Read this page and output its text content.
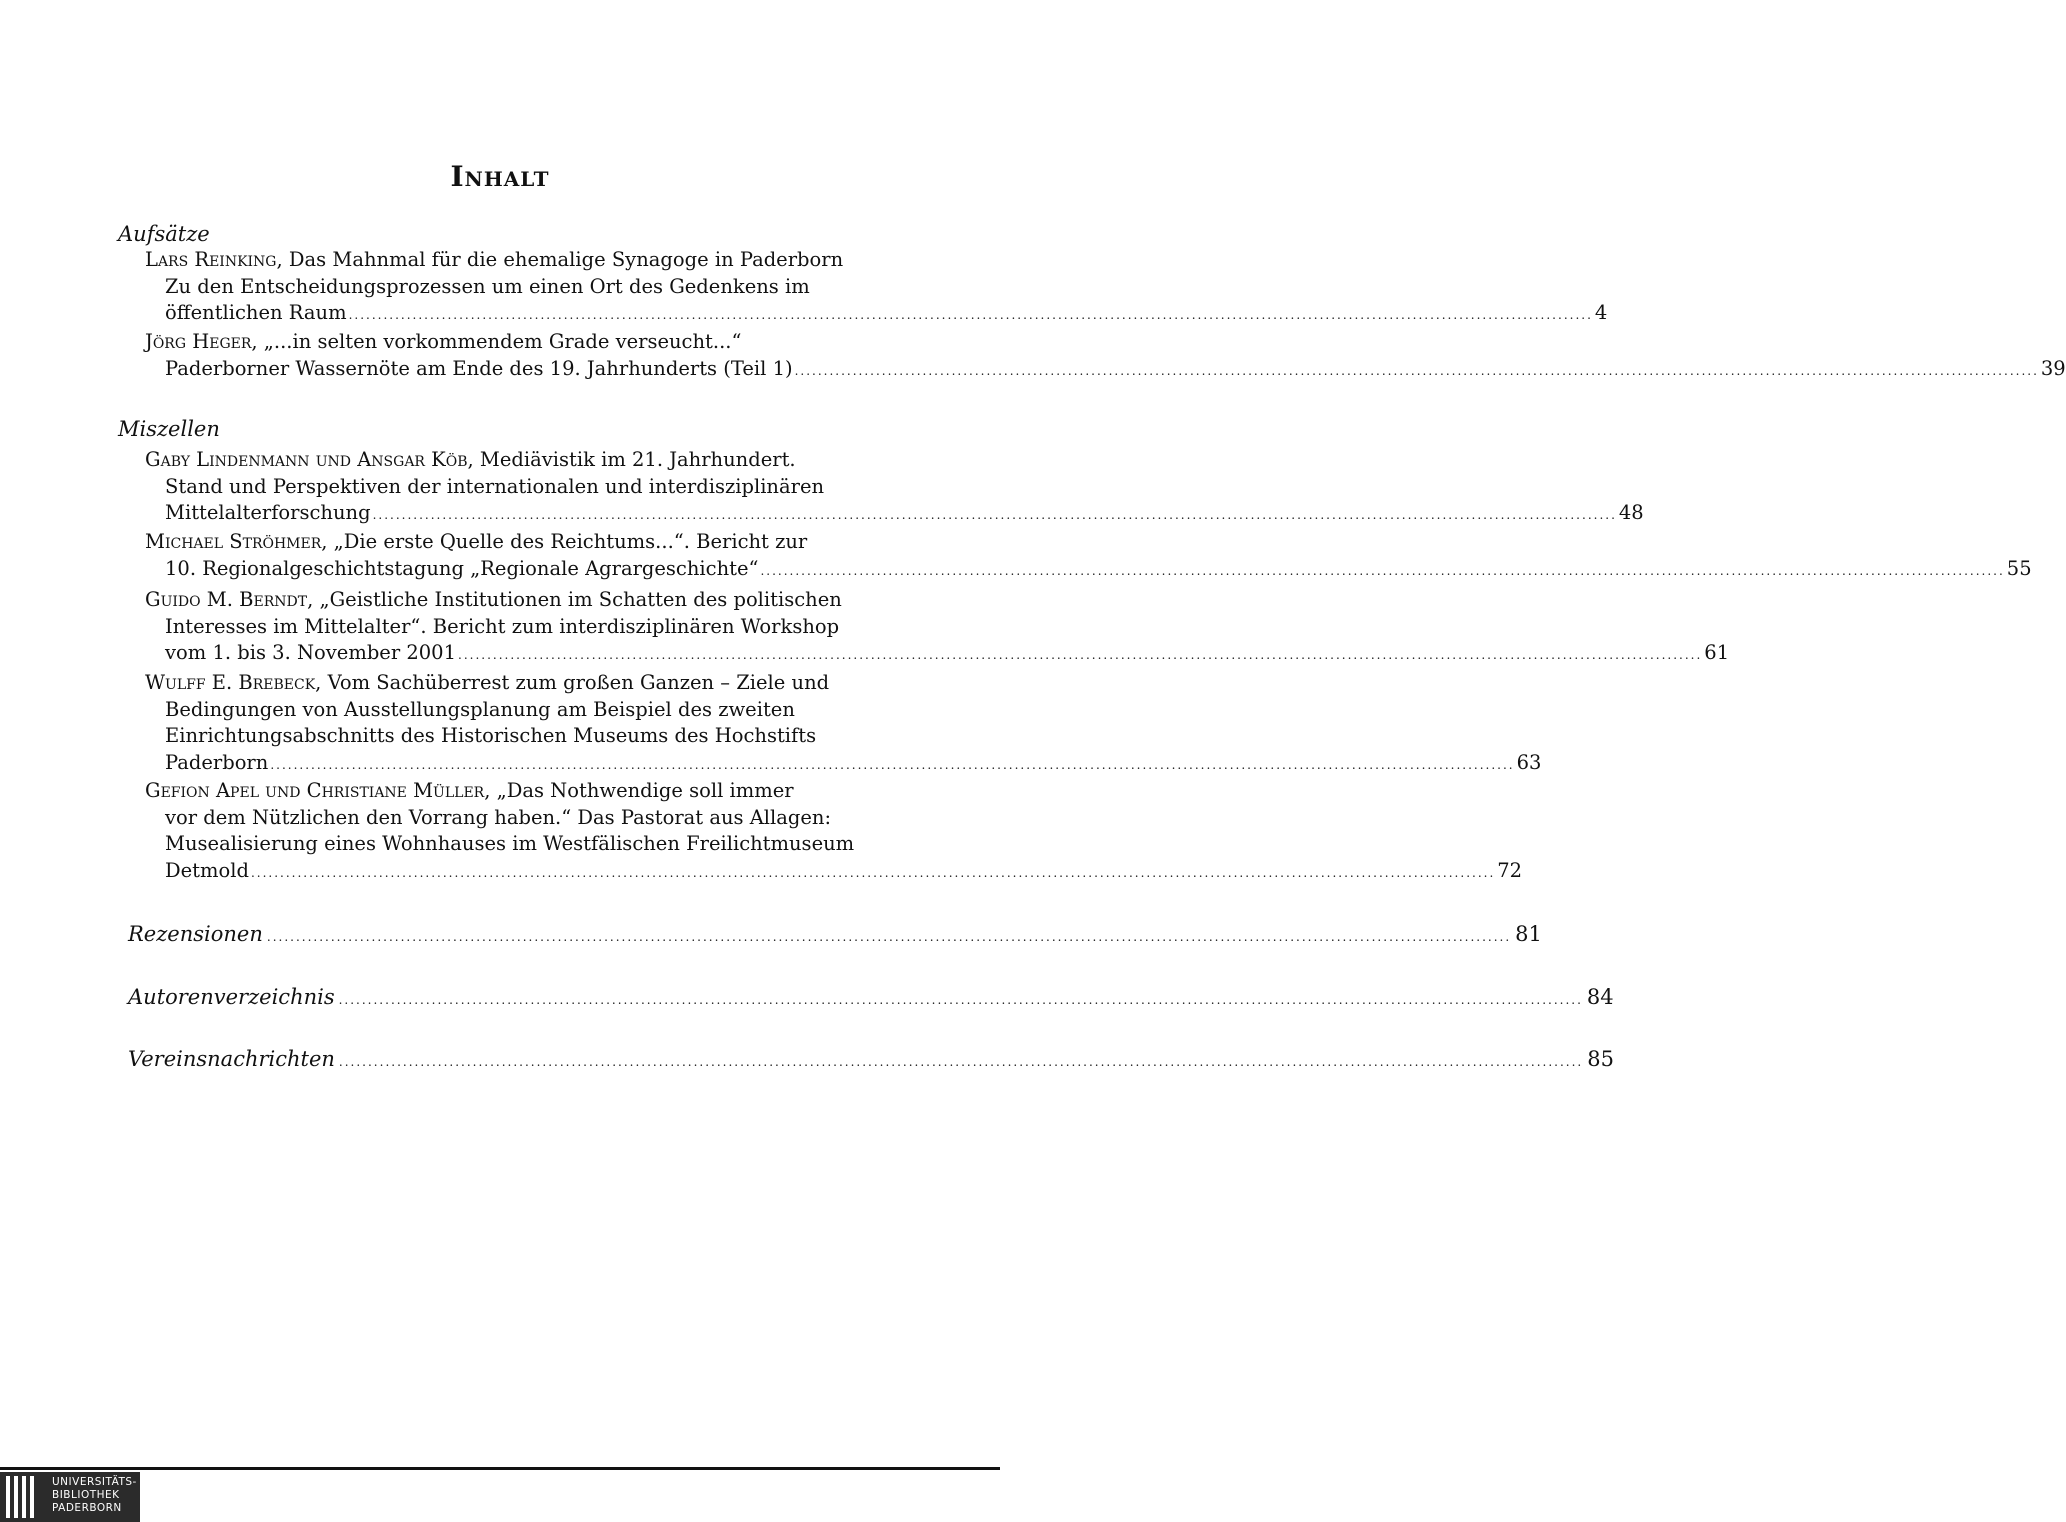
Inhalt
Aufsätze
Lars Reinking, Das Mahnmal für die ehemalige Synagoge in Paderborn
Zu den Entscheidungsprozessen um einen Ort des Gedenkens im
öffentlichen Raum ...................................................................................................................................................................................................................... 4
Jörg Heger, „...in selten vorkommendem Grade verseucht...“
Paderborner Wassernöte am Ende des 19. Jahrhunderts (Teil 1) ...................................................................................................................................................................................................................... 39
Miszellen
Gaby Lindenmann und Ansgar Köb, Mediävistik im 21. Jahrhundert.
Stand und Perspektiven der internationalen und interdisziplinären
Mittelalterforschung ...................................................................................................................................................................................................................... 48
Michael Ströhmer, „Die erste Quelle des Reichtums...“. Bericht zur
10. Regionalgeschichtstagung „Regionale Agrargeschichte“ ...................................................................................................................................................................................................................... 55
Guido M. Berndt, „Geistliche Institutionen im Schatten des politischen
Interesses im Mittelalter“. Bericht zum interdisziplinären Workshop
vom 1. bis 3. November 2001 ...................................................................................................................................................................................................................... 61
Wulff E. Brebeck, Vom Sachüberrest zum großen Ganzen – Ziele und
Bedingungen von Ausstellungsplanung am Beispiel des zweiten
Einrichtungsabschnitts des Historischen Museums des Hochstifts
Paderborn ...................................................................................................................................................................................................................... 63
Gefion Apel und Christiane Müller, „Das Nothwendige soll immer
vor dem Nützlichen den Vorrang haben.“ Das Pastorat aus Allagen:
Musealisierung eines Wohnhauses im Westfälischen Freilichtmuseum
Detmold ...................................................................................................................................................................................................................... 72
Rezensionen ...................................................................................................................................................................................................................... 81
Autorenverzeichnis ...................................................................................................................................................................................................................... 84
Vereinsnachrichten ...................................................................................................................................................................................................................... 85
UNIVERSITÄTS-
BIBLIOTHEK
PADERBORN
